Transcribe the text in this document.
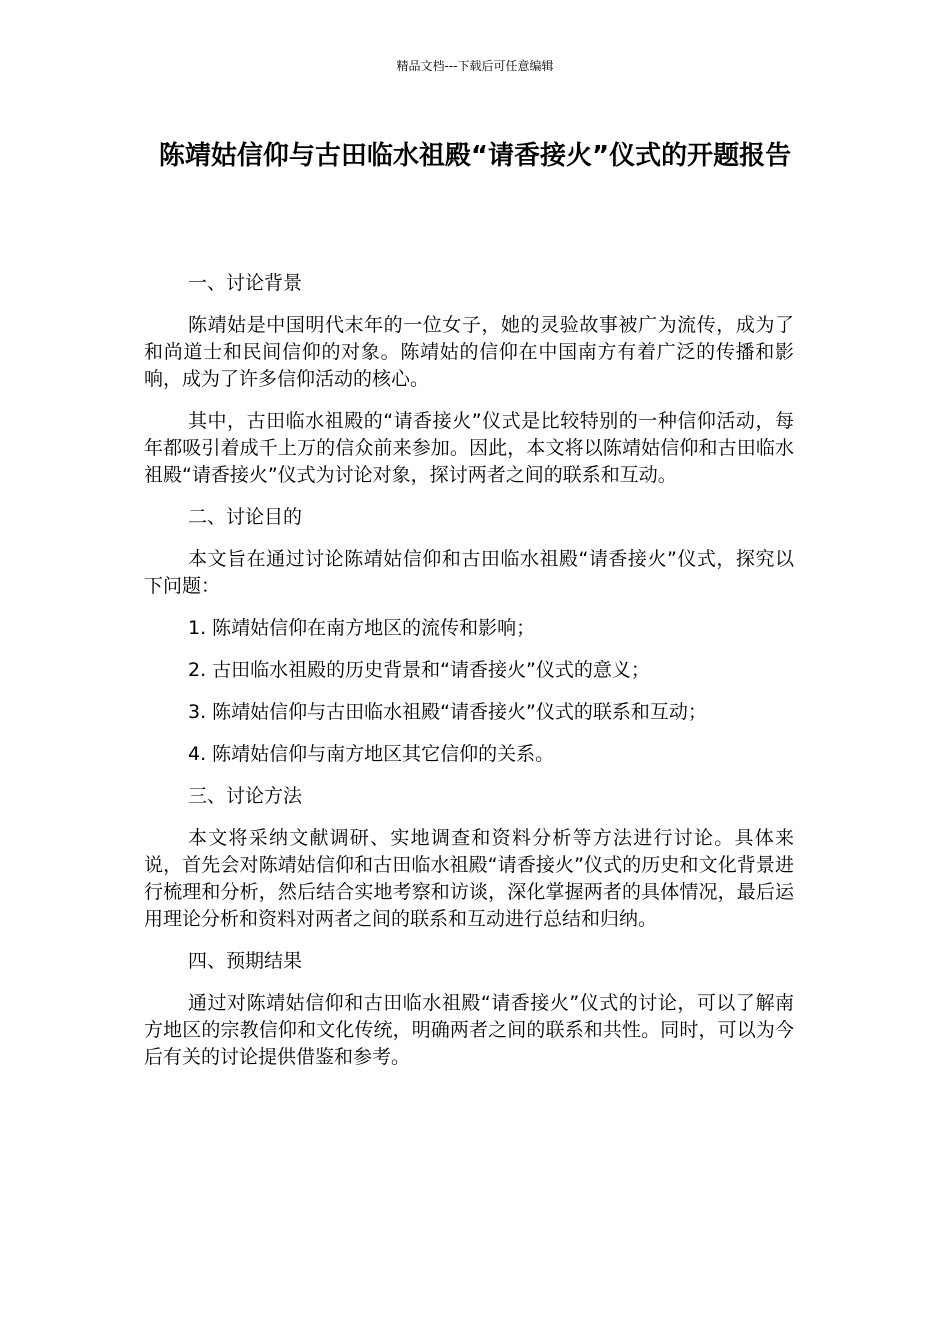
精品文档---下载后可任意编辑
陈靖姑信仰与古田临水祖殿“请香接火”仪式的开题报告

一、讨论背景

陈靖姑是中国明代末年的一位女子，她的灵验故事被广为流传，成为了和尚道士和民间信仰的对象。陈靖姑的信仰在中国南方有着广泛的传播和影响，成为了许多信仰活动的核心。

其中，古田临水祖殿的“请香接火”仪式是比较特别的一种信仰活动，每年都吸引着成千上万的信众前来参加。因此，本文将以陈靖姑信仰和古田临水祖殿“请香接火”仪式为讨论对象，探讨两者之间的联系和互动。

二、讨论目的

本文旨在通过讨论陈靖姑信仰和古田临水祖殿“请香接火”仪式，探究以下问题：

1. 陈靖姑信仰在南方地区的流传和影响；

2. 古田临水祖殿的历史背景和“请香接火”仪式的意义；

3. 陈靖姑信仰与古田临水祖殿“请香接火”仪式的联系和互动；

4. 陈靖姑信仰与南方地区其它信仰的关系。

三、讨论方法

本文将采纳文献调研、实地调查和资料分析等方法进行讨论。具体来说，首先会对陈靖姑信仰和古田临水祖殿“请香接火”仪式的历史和文化背景进行梳理和分析，然后结合实地考察和访谈，深化掌握两者的具体情况，最后运用理论分析和资料对两者之间的联系和互动进行总结和归纳。

四、预期结果

通过对陈靖姑信仰和古田临水祖殿“请香接火”仪式的讨论，可以了解南方地区的宗教信仰和文化传统，明确两者之间的联系和共性。同时，可以为今后有关的讨论提供借鉴和参考。
